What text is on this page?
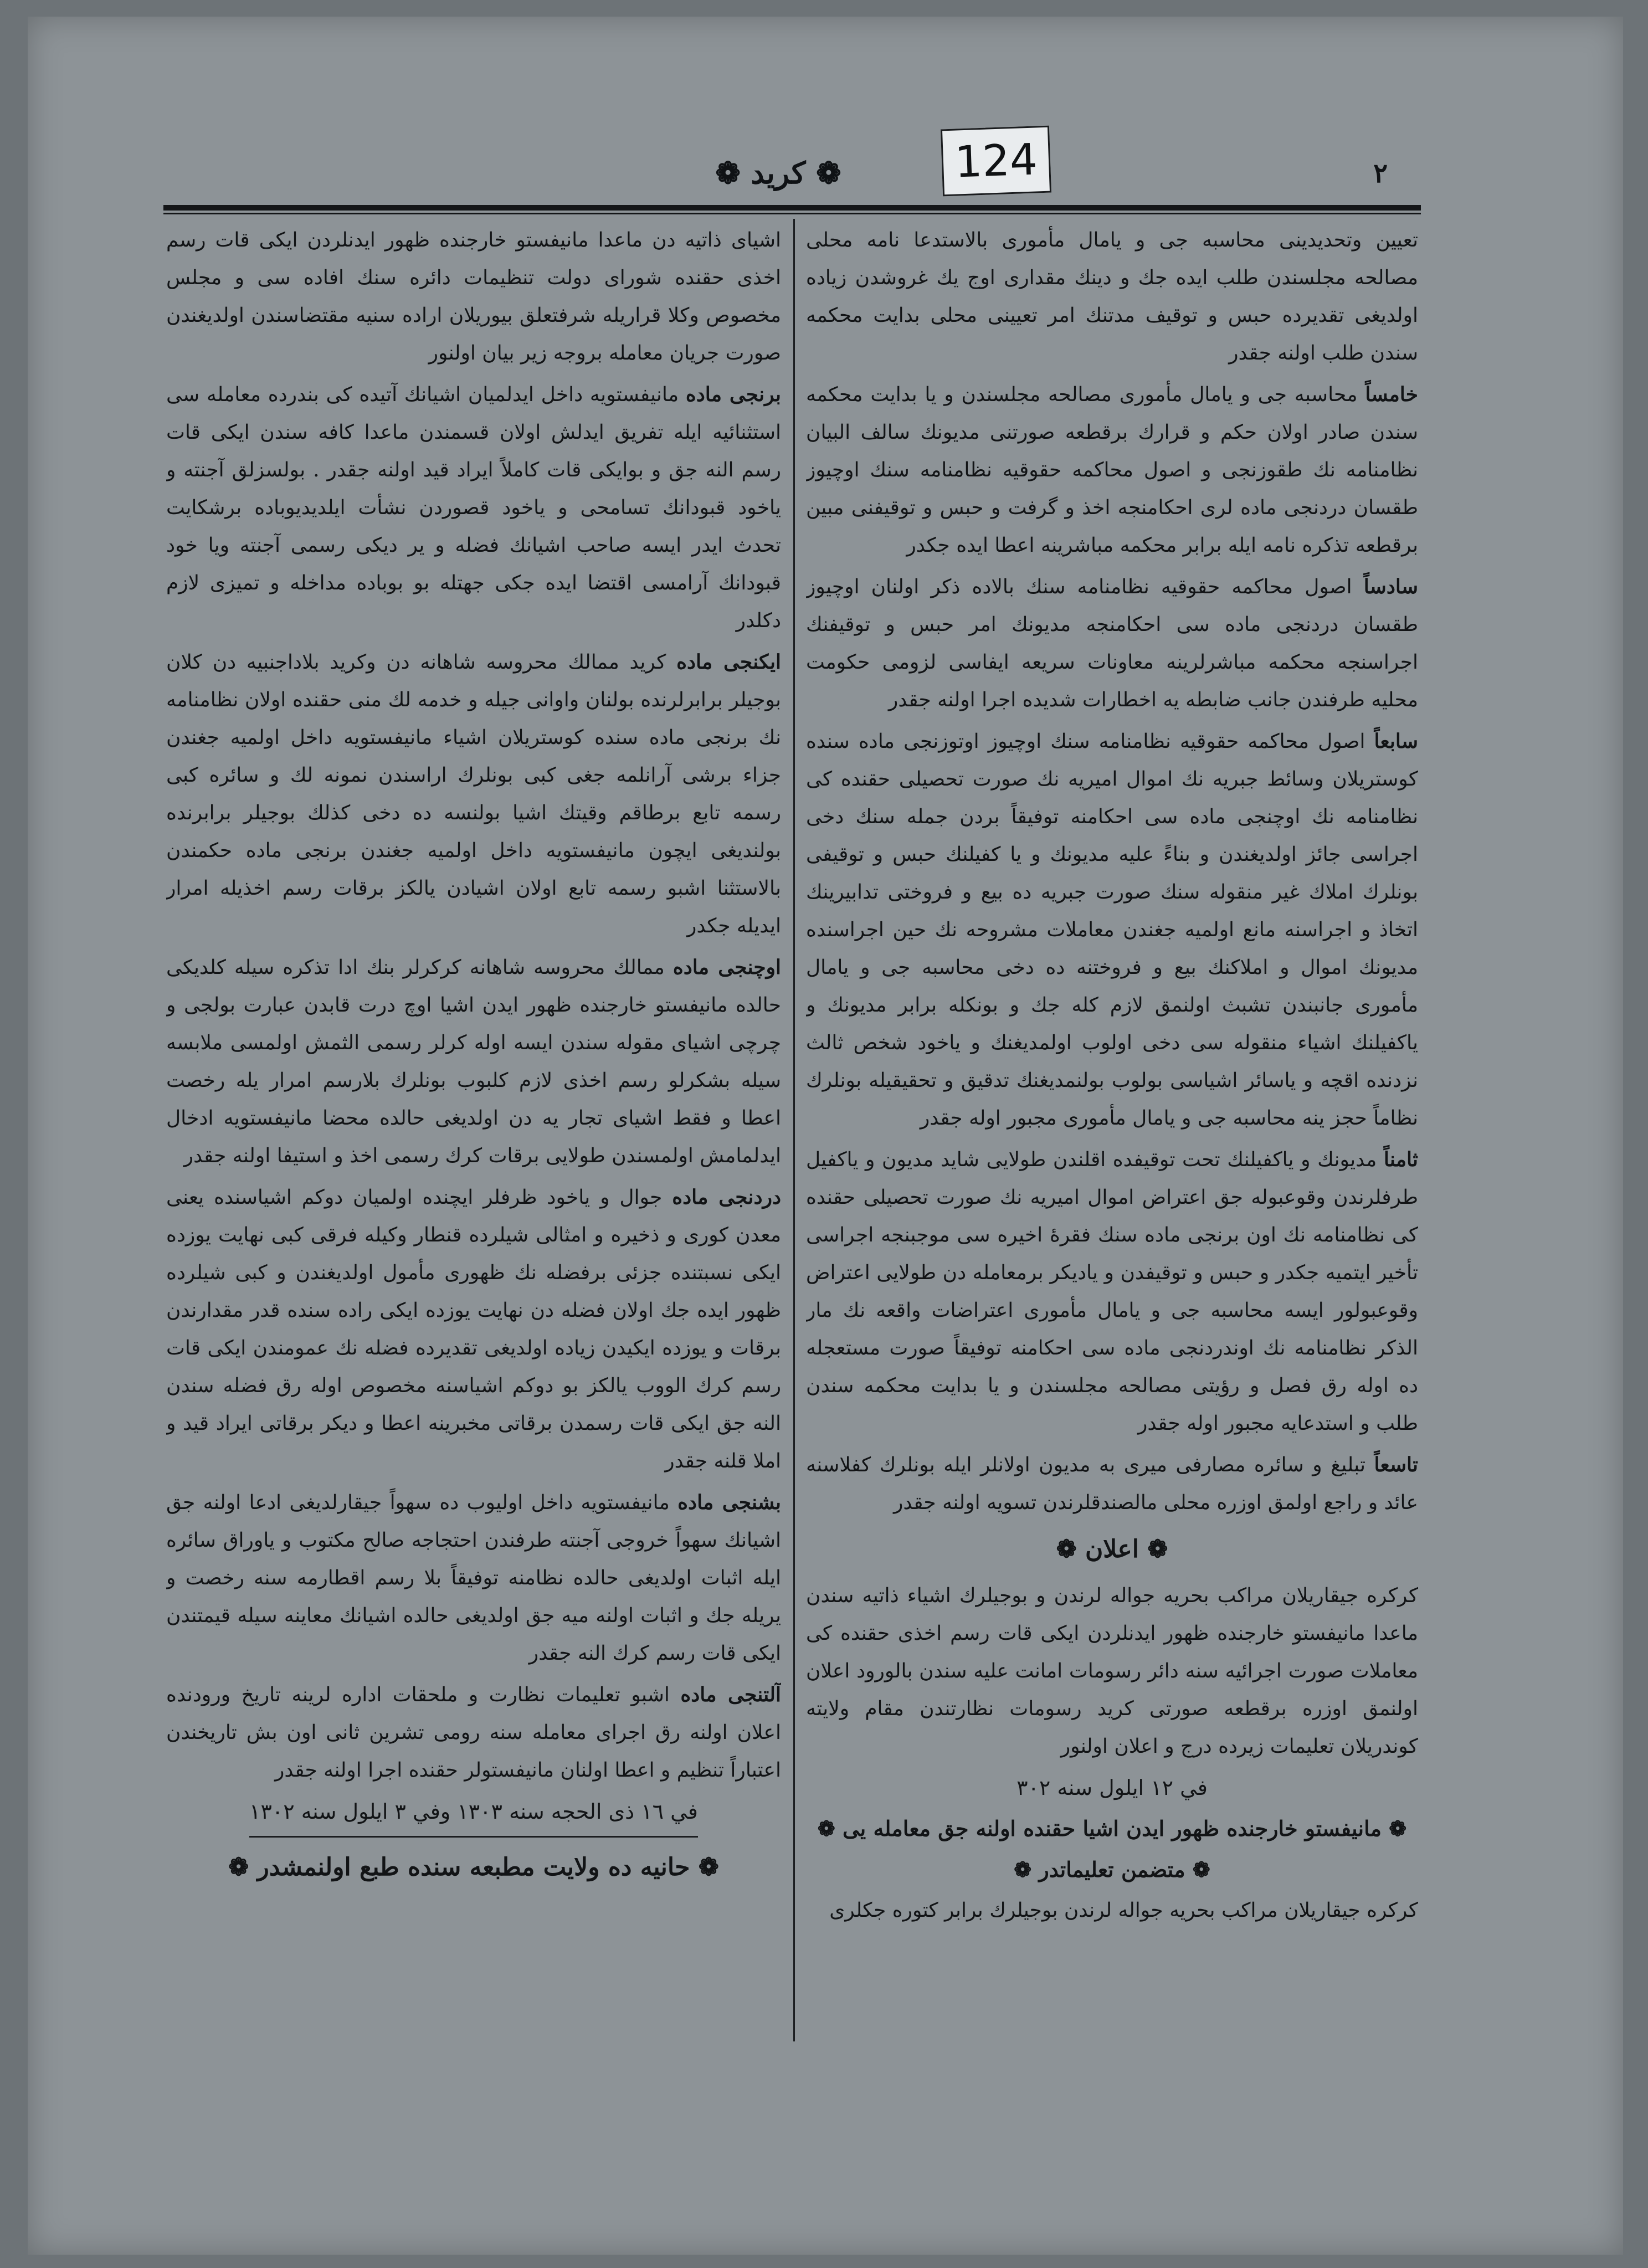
٢
❁ كريد ❁	124

تعيين وتحديدينی محاسبه جی و يامال مأموری بالاستدعا نامه محلی مصالحه مجلسندن طلب ايده جك و دينك مقداری اوج يك غروشدن زياده اولديغی تقديرده حبس و توقيف مدتنك امر تعيينی محلی بدايت محكمه سندن طلب اولنه جقدر

خامساً محاسبه جی و يامال مأموری مصالحه مجلسندن و يا بدايت محكمه سندن صادر اولان حكم و قرارك برقطعه صورتنی مدیونك سالف البيان نظامنامه نك طقوزنجی و اصول محاكمه حقوقيه نظامنامه سنك اوچيوز طقسان دردنجی ماده لری احكامنجه اخذ و گرفت و حبس و توقيفنی مبين برقطعه تذكره نامه ايله برابر محكمه مباشرينه اعطا ايده جكدر

سادساً اصول محاكمه حقوقيه نظامنامه سنك بالاده ذكر اولنان اوچيوز طقسان دردنجی ماده سی احكامنجه مدیونك امر حبس و توقيفنك اجراسنجه محكمه مباشرلرينه معاونات سريعه ايفاسی لزومی حكومت محليه طرفندن جانب ضابطه يه اخطارات شديده اجرا اولنه جقدر

سابعاً اصول محاكمه حقوقيه نظامنامه سنك اوچيوز اوتوزنجی ماده سنده كوستريلان وسائط جبريه نك اموال اميريه نك صورت تحصيلی حقنده كی نظامنامه نك اوچنجی ماده سی احكامنه توفيقاً بردن جمله سنك دخی اجراسی جائز اولديغندن و بناءً عليه مدیونك و يا كفيلنك حبس و توقيفی بونلرك املاك غير منقوله سنك صورت جبريه ده بيع و فروختی تدابيرينك اتخاذ و اجراسنه مانع اولميه جغندن معاملات مشروحه نك حين اجراسنده مدیونك اموال و املاكنك بيع و فروختنه ده دخی محاسبه جی و يامال مأموری جانبندن تشبث اولنمق لازم كله جك و بونكله برابر مدیونك و ياكفيلنك اشياء منقوله سی دخی اولوب اولمديغنك و ياخود شخص ثالث نزدنده اقچه و ياسائر اشياسی بولوب بولنمديغنك تدقيق و تحقيقيله بونلرك نظاماً حجز ينه محاسبه جی و يامال مأموری مجبور اوله جقدر

ثامناً مدیونك و ياكفيلنك تحت توقيفده اقلندن طولايی شايد مدیون و ياكفيل طرفلرندن وقوعبوله جق اعتراض اموال اميريه نك صورت تحصيلی حقنده كی نظامنامه نك اون برنجی ماده سنك فقرۀ اخيره سی موجبنجه اجراسی تأخير ايتميه جكدر و حبس و توقيفدن و ياديكر برمعامله دن طولايی اعتراض وقوعبولور ايسه محاسبه جی و يامال مأموری اعتراضات واقعه نك مار الذكر نظامنامه نك اوندردنجی ماده سی احكامنه توفيقاً صورت مستعجله ده اوله رق فصل و رؤيتی مصالحه مجلسندن و يا بدايت محكمه سندن طلب و استدعايه مجبور اوله جقدر

تاسعاً تبليغ و سائره مصارفی ميری به مدیون اولانلر ايله بونلرك كفلاسنه عائد و راجع اولمق اوزره محلی مالصندقلرندن تسويه اولنه جقدر

❁ اعلان ❁

كركره جيقاريلان مراكب بحريه جواله لرندن و بوجيلرك اشياء ذاتيه سندن ماعدا مانيفستو خارجنده ظهور ايدنلردن ايكی قات رسم اخذی حقنده كی معاملات صورت اجرائيه سنه دائر رسومات امانت عليه سندن بالورود اعلان اولنمق اوزره برقطعه صورتی كريد رسومات نظارتندن مقام ولايته كوندريلان تعليمات زيرده درج و اعلان اولنور

في ١٢ ايلول سنه ٣٠٢

❁ مانيفستو خارجنده ظهور ايدن اشيا حقنده اولنه جق معامله يی ❁
❁ متضمن تعليماتدر ❁

كركره جيقاريلان مراكب بحريه جواله لرندن بوجيلرك برابر كتوره جكلری

اشيای ذاتيه دن ماعدا مانيفستو خارجنده ظهور ايدنلردن ايكی قات رسم اخذی حقنده شورای دولت تنظيمات دائره سنك افاده سی و مجلس مخصوص وكلا قراريله شرفتعلق بيوريلان اراده سنيه مقتضاسندن اولديغندن صورت جريان معامله بروجه زير بيان اولنور

برنجی ماده مانيفستويه داخل ايدلميان اشيانك آتيده كی بندرده معامله سی استثنائيه ايله تفريق ايدلش اولان قسمندن ماعدا كافه سندن ايكی قات رسم النه جق و بوايكی قات كاملاً ايراد قيد اولنه جقدر . بولسزلق آجنته و ياخود قبودانك تسامحی و ياخود قصوردن نشأت ايلديديوباده برشكايت تحدث ايدر ايسه صاحب اشيانك فضله و ير ديكی رسمی آجنته ويا خود قبودانك آرامسی اقتضا ايده جكی جهتله بو بوباده مداخله و تميزی لازم دكلدر

ايكنجی ماده كريد ممالك محروسه شاهانه دن وكريد بلاداجنبيه دن كلان بوجيلر برابرلرنده بولنان واوانی جيله و خدمه لك منی حقنده اولان نظامنامه نك برنجی ماده سنده كوستريلان اشياء مانيفستويه داخل اولميه جغندن جزاء برشی آرانلمه جغی كبی بونلرك اراسندن نمونه لك و سائره كبی رسمه تابع برطاقم وقيتك اشيا بولنسه ده دخی كذلك بوجيلر برابرنده بولنديغی ايچون مانيفستويه داخل اولميه جغندن برنجی ماده حكمندن بالاستثنا اشبو رسمه تابع اولان اشيادن يالكز برقات رسم اخذيله امرار ايديله جكدر

اوچنجی ماده ممالك محروسه شاهانه كركرلر بنك ادا تذكره سيله كلديكی حالده مانيفستو خارجنده ظهور ايدن اشيا اوچ درت قابدن عبارت بولجی و چرچی اشيای مقوله سندن ايسه اوله كرلر رسمی الثمش اولمسی ملابسه سيله بشكرلو رسم اخذی لازم كلبوب بونلرك بلارسم امرار يله رخصت اعطا و فقط اشيای تجار يه دن اولديغی حالده محضا مانيفستويه ادخال ايدلمامش اولمسندن طولايی برقات كرك رسمی اخذ و استيفا اولنه جقدر

دردنجی ماده جوال و ياخود ظرفلر ايچنده اولميان دوكم اشياسنده يعنی معدن كوری و ذخيره و امثالی شيلرده قنطار وكيله فرقی كبی نهايت يوزده ايكی نسبتنده جزئی برفضله نك ظهوری مأمول اولديغندن و كبی شيلرده ظهور ايده جك اولان فضله دن نهايت يوزده ايكی راده سنده قدر مقدارندن برقات و يوزده ايكيدن زياده اولديغی تقديرده فضله نك عمومندن ايكی قات رسم كرك الووب يالكز بو دوكم اشياسنه مخصوص اوله رق فضله سندن النه جق ايكی قات رسمدن برقاتی مخبرينه اعطا و ديكر برقاتی ايراد قيد و املا قلنه جقدر

بشنجی ماده مانيفستويه داخل اوليوب ده سهواً جيقارلديغی ادعا اولنه جق اشيانك سهواً خروجی آجنته طرفندن احتجاجه صالح مكتوب و ياوراق سائره ايله اثبات اولديغی حالده نظامنه توفيقاً بلا رسم اقطارمه سنه رخصت و يريله جك و اثبات اولنه ميه جق اولديغی حالده اشيانك معاينه سيله قيمتندن ايكی قات رسم كرك النه جقدر

آلتنجی ماده اشبو تعليمات نظارت و ملحقات اداره لرينه تاريخ ورودنده اعلان اولنه رق اجرای معامله سنه رومی تشرين ثانی اون بش تاريخندن اعتباراً تنظيم و اعطا اولنان مانيفستولر حقنده اجرا اولنه جقدر

في ١٦ ذی الحجه سنه ١٣٠٣ وفي ٣ ايلول سنه ١٣٠٢

❁ حانيه ده ولايت مطبعه سنده طبع اولنمشدر ❁
